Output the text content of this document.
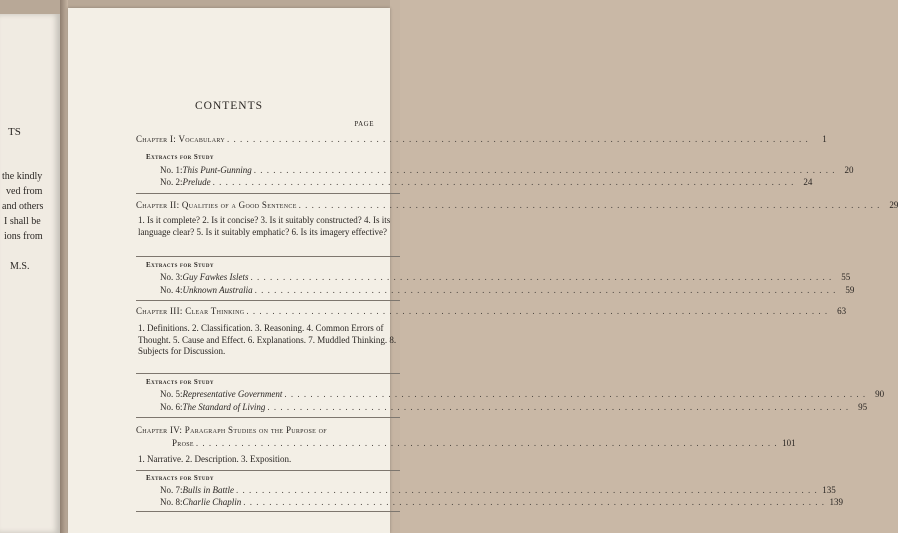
TS
the kindly
ved from
and others
I shall be
ions from
M.S.
CONTENTS
PAGE
Chapter I: Vocabulary . . .	1
Extracts for Study
No. 1: This Punt-Gunning . . .	20
No. 2: Prelude . . .	24
Chapter II: Qualities of a Good Sentence . . .	29
1. Is it complete? 2. Is it concise? 3. Is it suitably constructed? 4. Is its language clear? 5. Is it suitably emphatic? 6. Is its imagery effective?
Extracts for Study
No. 3: Guy Fawkes Islets . . .	55
No. 4: Unknown Australia . . .	59
Chapter III: Clear Thinking . . .	63
1. Definitions. 2. Classification. 3. Reasoning. 4. Common Errors of Thought. 5. Cause and Effect. 6. Explanations. 7. Muddled Thinking. 8. Subjects for Discussion.
Extracts for Study
No. 5: Representative Government . . .	90
No. 6: The Standard of Living . . .	95
Chapter IV: Paragraph Studies on the Purpose of
Prose . . .	101
1. Narrative. 2. Description. 3. Exposition.
Extracts for Study
No. 7: Bulls in Battle . . .	135
No. 8: Charlie Chaplin . . .	139
